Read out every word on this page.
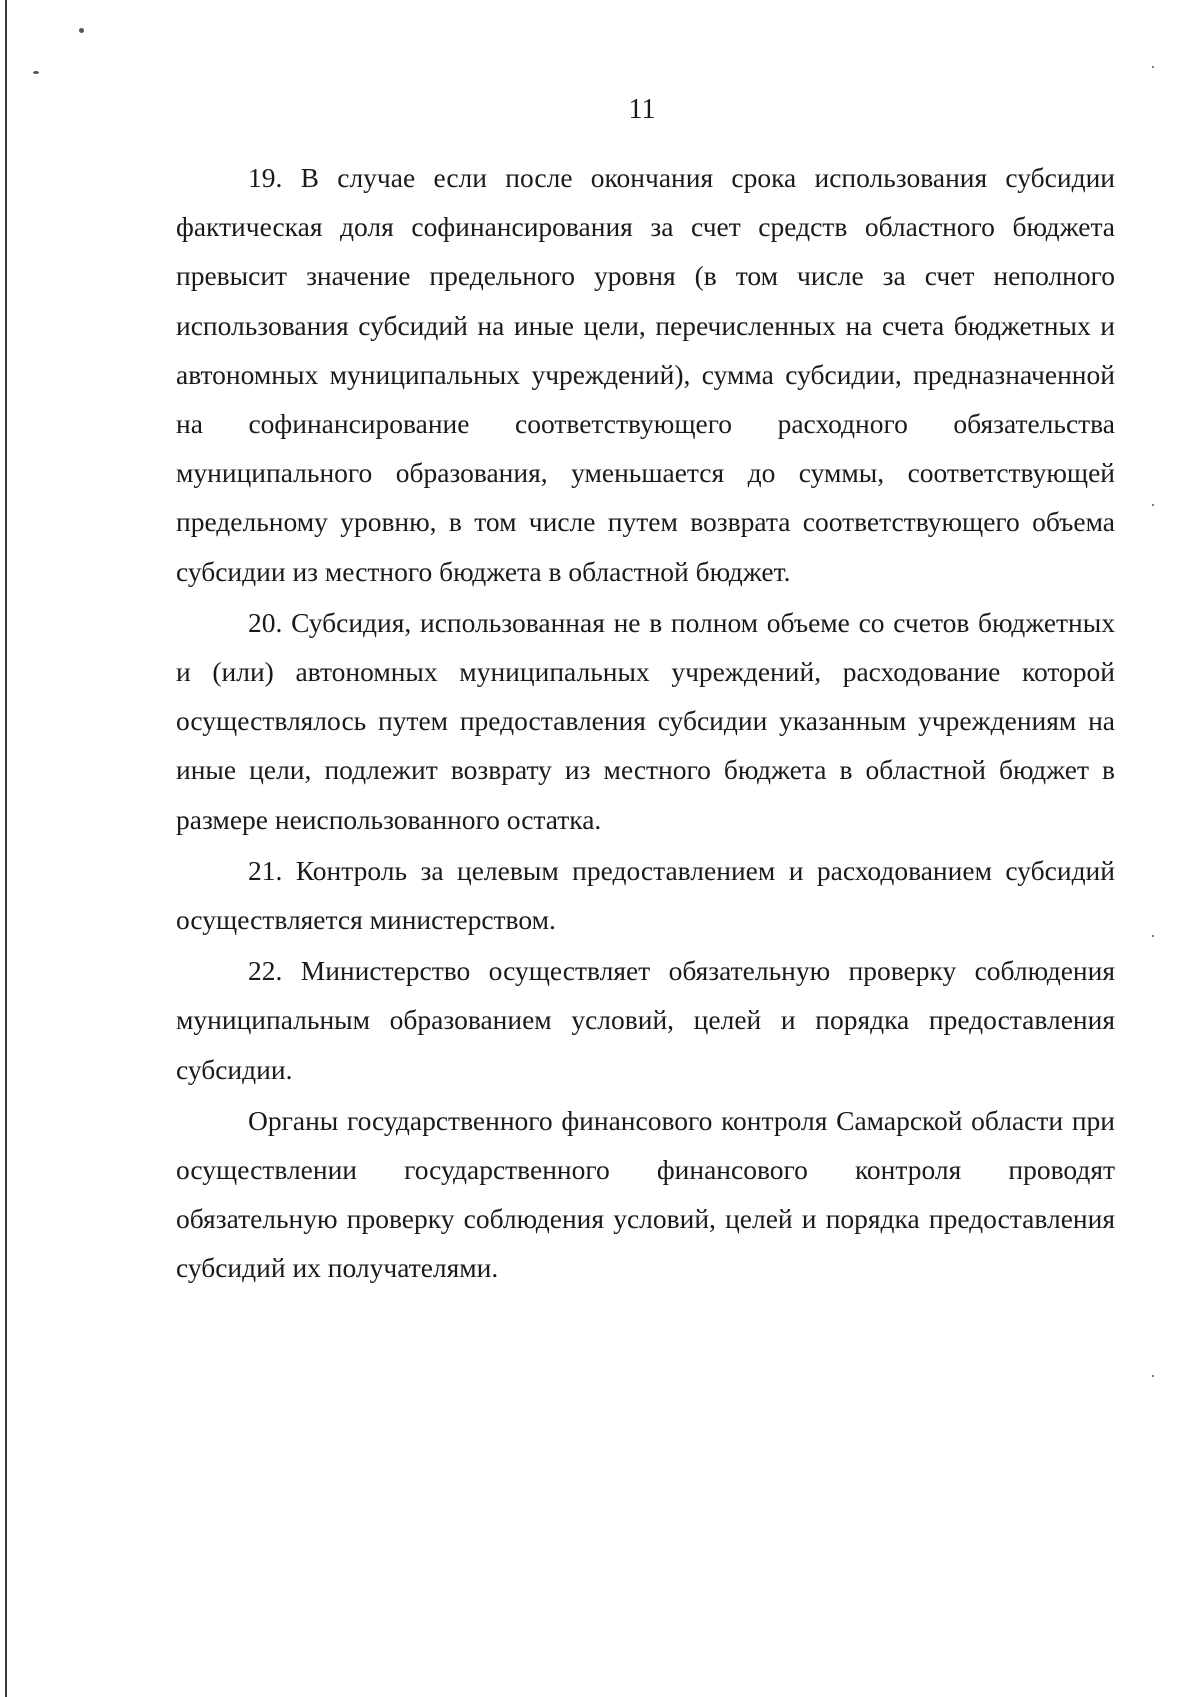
11

19. В случае если после окончания срока использования субсидии фактическая доля софинансирования за счет средств областного бюджета превысит значение предельного уровня (в том числе за счет неполного использования субсидий на иные цели, перечисленных на счета бюджетных и автономных муниципальных учреждений), сумма субсидии, предназначенной на софинансирование соответствующего расходного обязательства муниципального образования, уменьшается до суммы, соответствующей предельному уровню, в том числе путем возврата соответствующего объема субсидии из местного бюджета в областной бюджет.

20. Субсидия, использованная не в полном объеме со счетов бюджетных и (или) автономных муниципальных учреждений, расходование которой осуществлялось путем предоставления субсидии указанным учреждениям на иные цели, подлежит возврату из местного бюджета в областной бюджет в размере неиспользованного остатка.

21. Контроль за целевым предоставлением и расходованием субсидий осуществляется министерством.

22. Министерство осуществляет обязательную проверку соблюдения муниципальным образованием условий, целей и порядка предоставления субсидии.

Органы государственного финансового контроля Самарской области при осуществлении государственного финансового контроля проводят обязательную проверку соблюдения условий, целей и порядка предоставления субсидий их получателями.
